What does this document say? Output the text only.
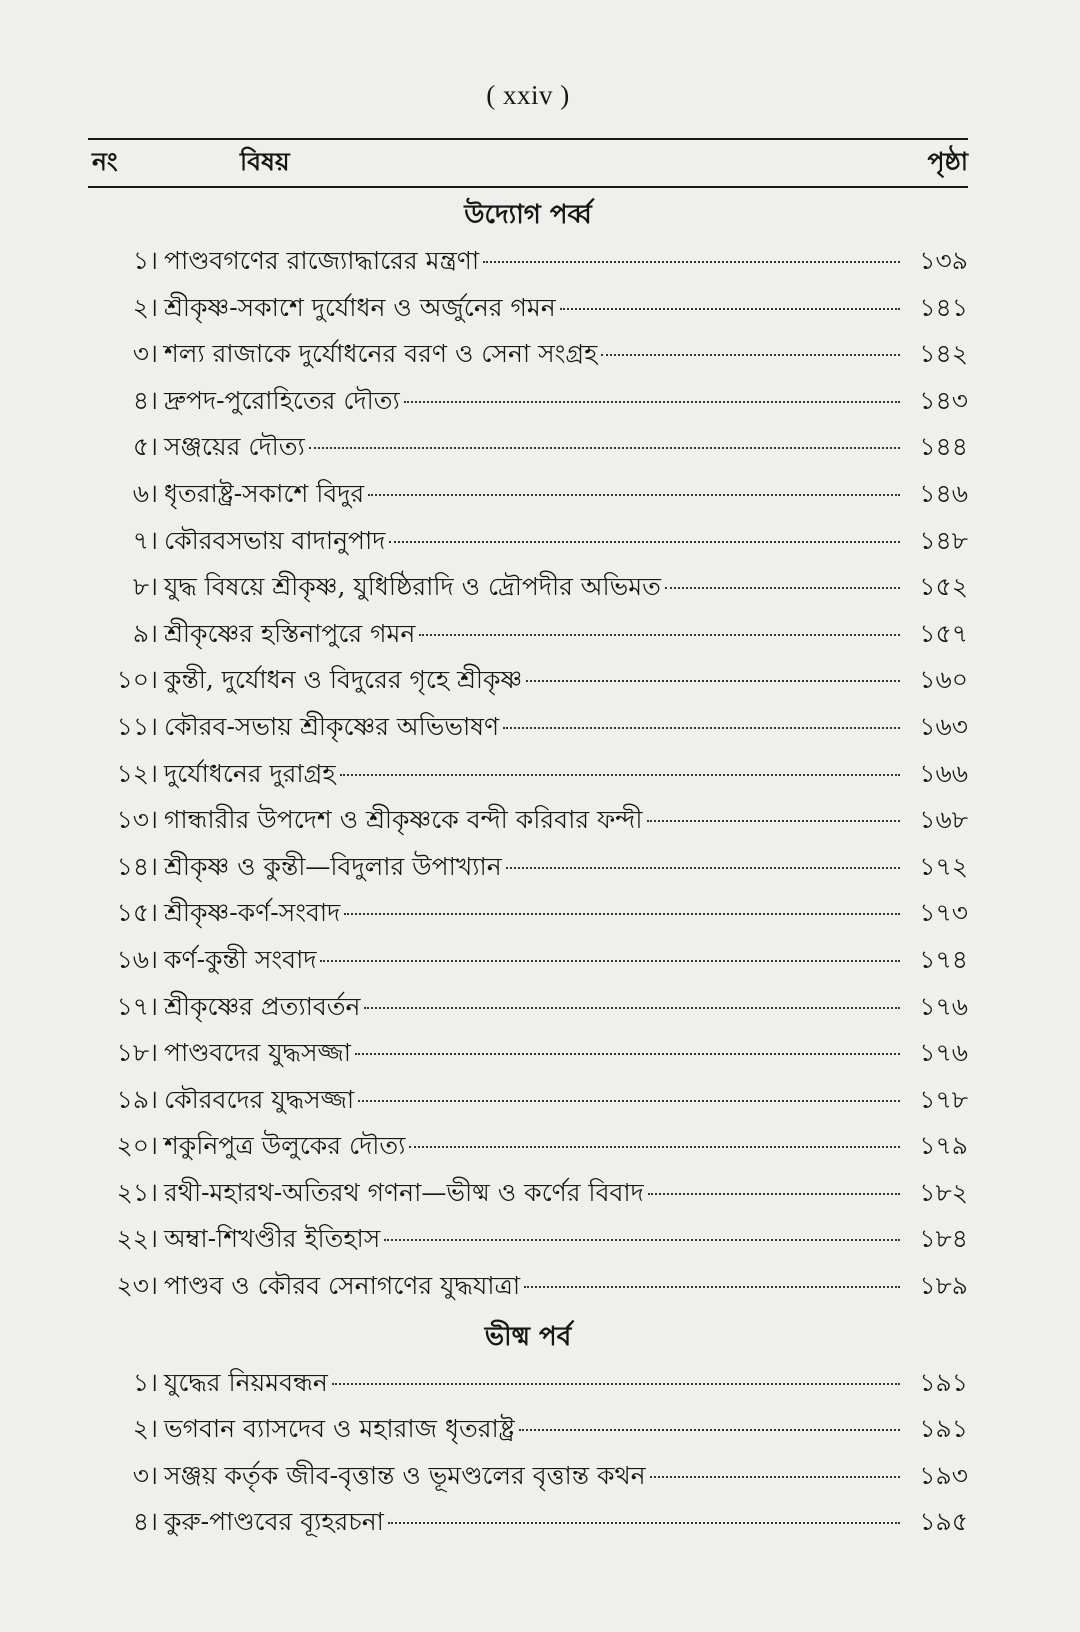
( xxiv )
নং	বিষয়	পৃষ্ঠা
উদ্যোগ পর্ব্ব
১। পাণ্ডবগণের রাজ্যোদ্ধারের মন্ত্রণা	১৩৯
২। শ্রীকৃষ্ণ-সকাশে দুর্যোধন ও অর্জুনের গমন	১৪১
৩। শল্য রাজাকে দুর্যোধনের বরণ ও সেনা সংগ্রহ	১৪২
৪। দ্রুপদ-পুরোহিতের দৌত্য	১৪৩
৫। সঞ্জয়ের দৌত্য	১৪৪
৬। ধৃতরাষ্ট্র-সকাশে বিদুর	১৪৬
৭। কৌরবসভায় বাদানুপাদ	১৪৮
৮। যুদ্ধ বিষয়ে শ্রীকৃষ্ণ, যুধিষ্ঠিরাদি ও দ্রৌপদীর অভিমত	১৫২
৯। শ্রীকৃষ্ণের হস্তিনাপুরে গমন	১৫৭
১০। কুন্তী, দুর্যোধন ও বিদুরের গৃহে শ্রীকৃষ্ণ	১৬০
১১। কৌরব-সভায় শ্রীকৃষ্ণের অভিভাষণ	১৬৩
১২। দুর্যোধনের দুরাগ্রহ	১৬৬
১৩। গান্ধারীর উপদেশ ও শ্রীকৃষ্ণকে বন্দী করিবার ফন্দী	১৬৮
১৪। শ্রীকৃষ্ণ ও কুন্তী—বিদুলার উপাখ্যান	১৭২
১৫। শ্রীকৃষ্ণ-কর্ণ-সংবাদ	১৭৩
১৬। কর্ণ-কুন্তী সংবাদ	১৭৪
১৭। শ্রীকৃষ্ণের প্রত্যাবর্তন	১৭৬
১৮। পাণ্ডবদের যুদ্ধসজ্জা	১৭৬
১৯। কৌরবদের যুদ্ধসজ্জা	১৭৮
২০। শকুনিপুত্র উলুকের দৌত্য	১৭৯
২১। রথী-মহারথ-অতিরথ গণনা—ভীষ্ম ও কর্ণের বিবাদ	১৮২
২২। অম্বা-শিখণ্ডীর ইতিহাস	১৮৪
২৩। পাণ্ডব ও কৌরব সেনাগণের যুদ্ধযাত্রা	১৮৯
ভীষ্ম পর্ব
১। যুদ্ধের নিয়মবন্ধন	১৯১
২। ভগবান ব্যাসদেব ও মহারাজ ধৃতরাষ্ট্র	১৯১
৩। সঞ্জয় কর্তৃক জীব-বৃত্তান্ত ও ভূমণ্ডলের বৃত্তান্ত কথন	১৯৩
৪। কুরু-পাণ্ডবের ব্যূহরচনা	১৯৫
